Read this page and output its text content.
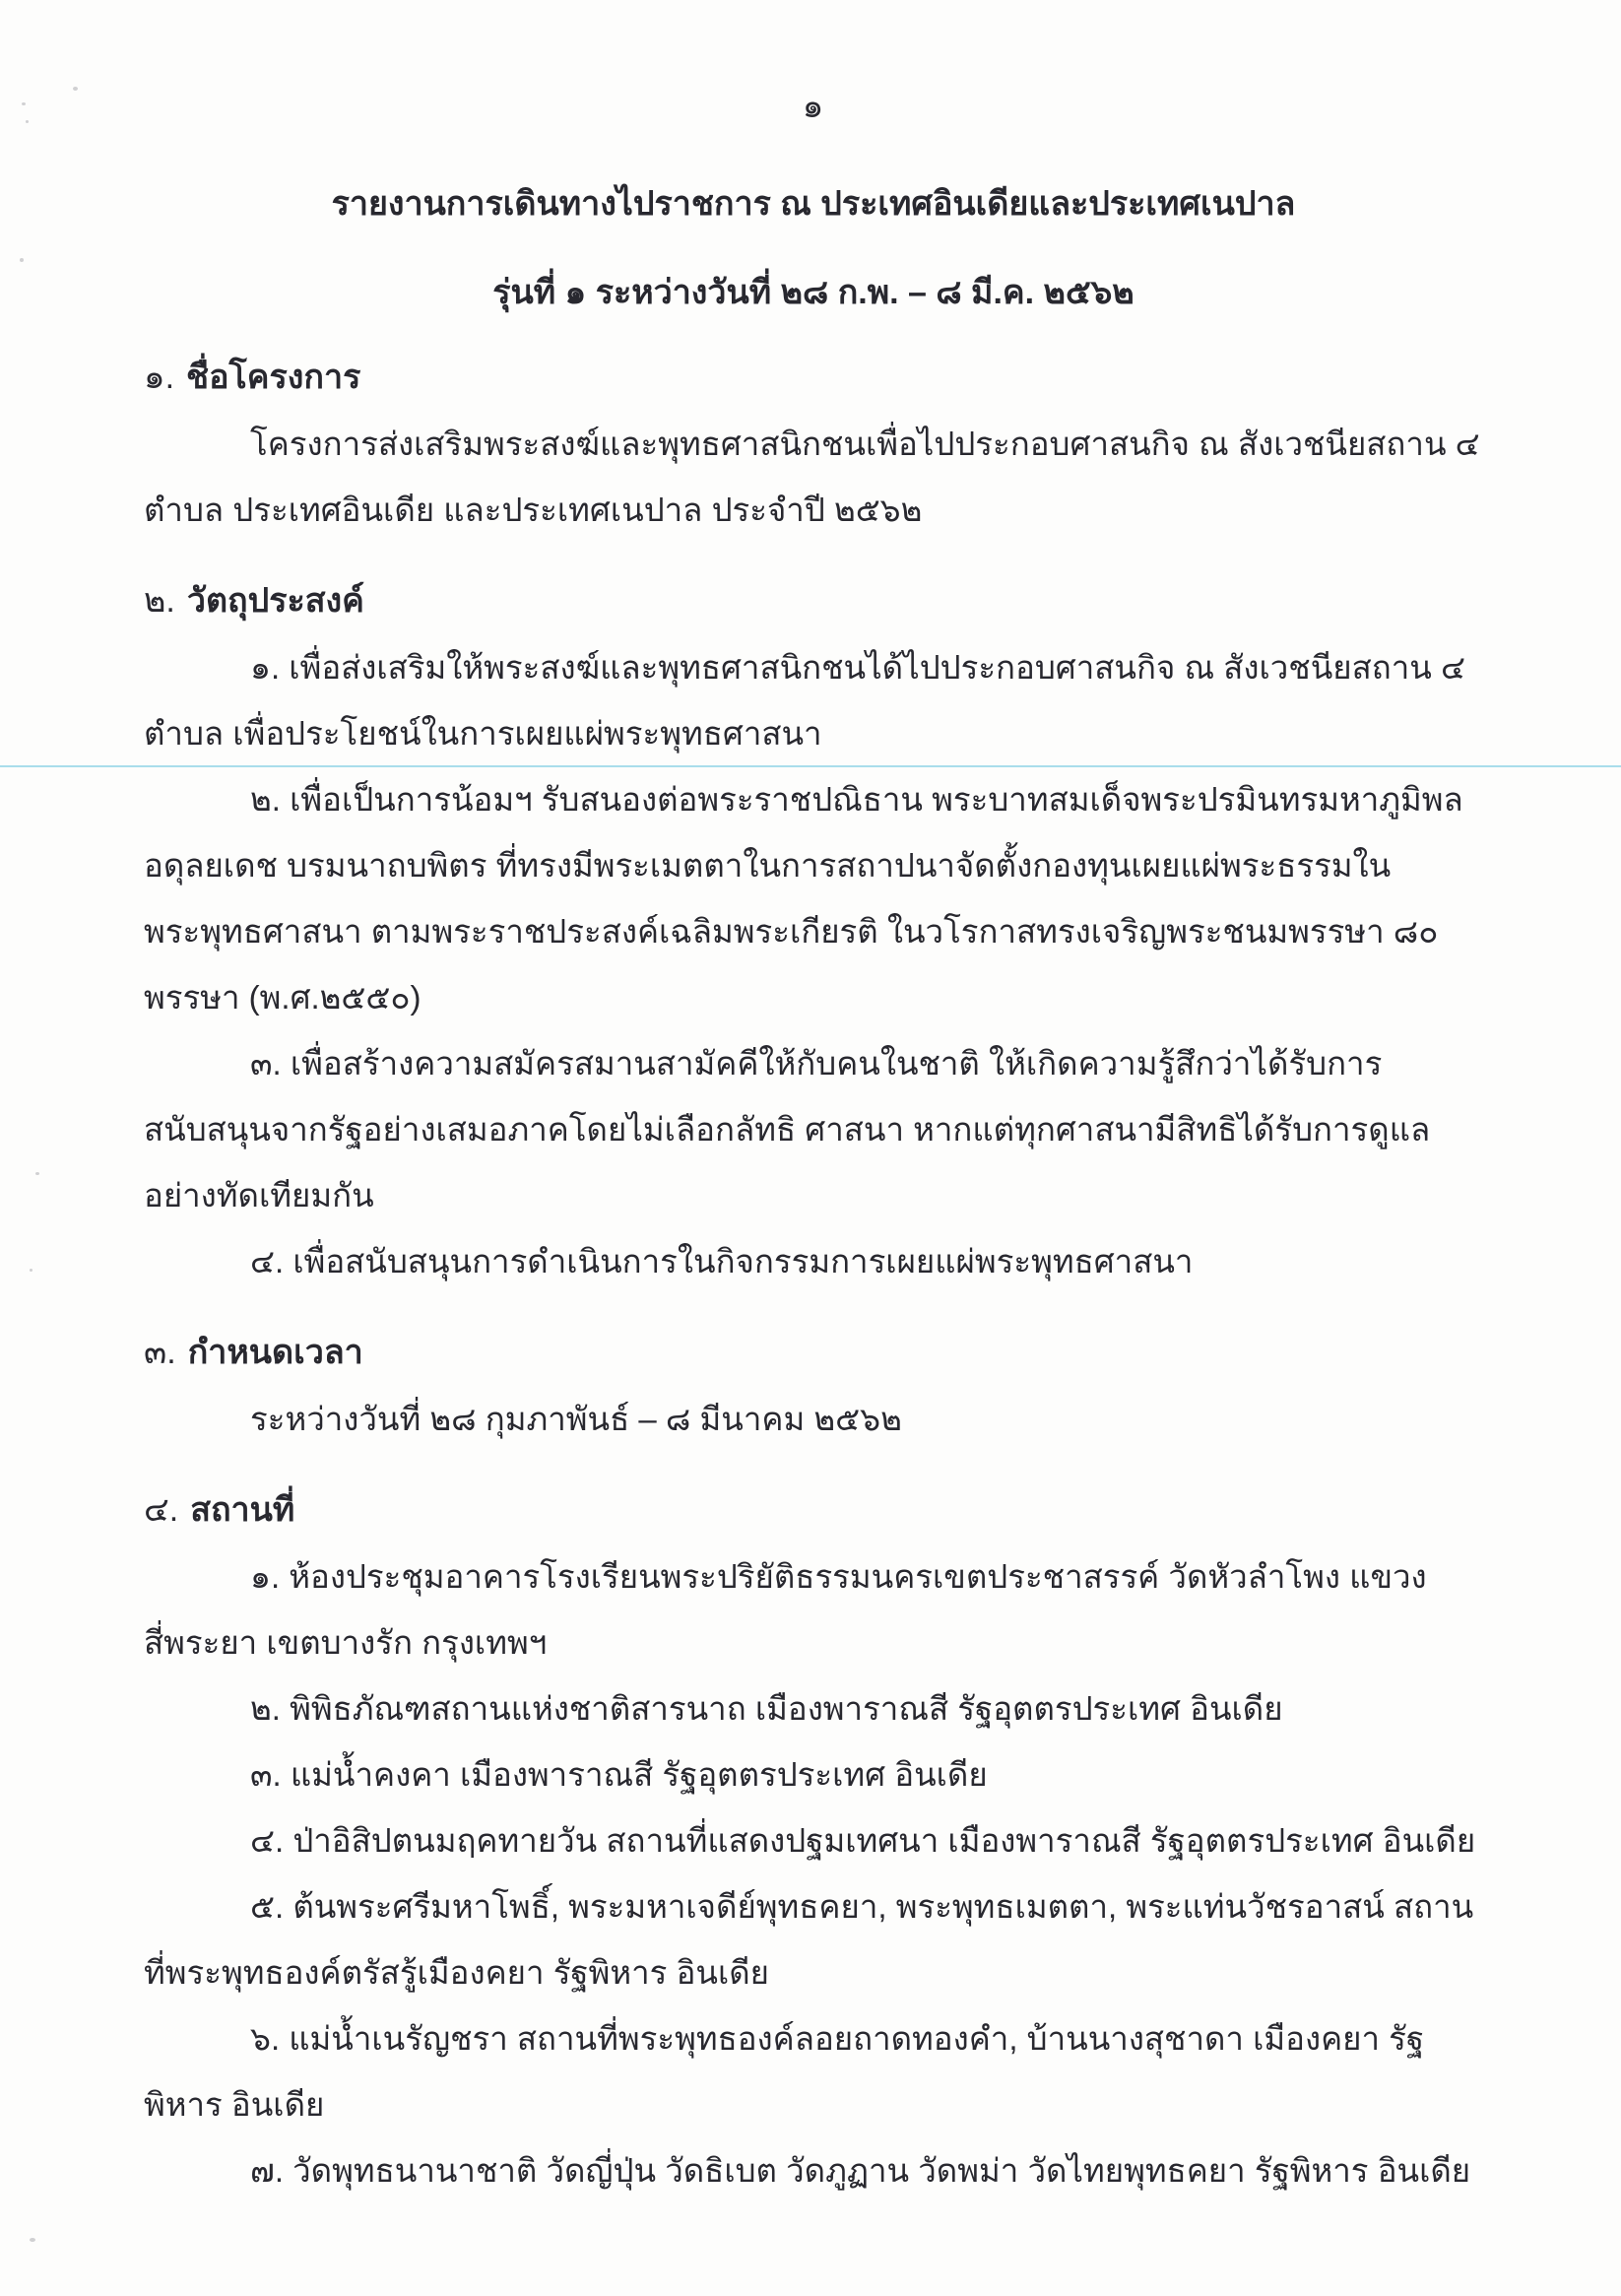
๑
รายงานการเดินทางไปราชการ ณ ประเทศอินเดียและประเทศเนปาล
รุ่นที่ ๑ ระหว่างวันที่ ๒๘ ก.พ. – ๘ มี.ค. ๒๕๖๒
๑. ชื่อโครงการ

โครงการส่งเสริมพระสงฆ์และพุทธศาสนิกชนเพื่อไปประกอบศาสนกิจ ณ สังเวชนียสถาน ๔ ตำบล ประเทศอินเดีย และประเทศเนปาล ประจำปี ๒๕๖๒

๒. วัตถุประสงค์

๑. เพื่อส่งเสริมให้พระสงฆ์และพุทธศาสนิกชนได้ไปประกอบศาสนกิจ ณ สังเวชนียสถาน ๔ ตำบล เพื่อประโยชน์ในการเผยแผ่พระพุทธศาสนา

๒. เพื่อเป็นการน้อมฯ รับสนองต่อพระราชปณิธาน พระบาทสมเด็จพระปรมินทรมหาภูมิพลอดุลยเดช บรมนาถบพิตร ที่ทรงมีพระเมตตาในการสถาปนาจัดตั้งกองทุนเผยแผ่พระธรรมในพระพุทธศาสนา ตามพระราชประสงค์เฉลิมพระเกียรติ ในวโรกาสทรงเจริญพระชนมพรรษา ๘๐ พรรษา (พ.ศ.๒๕๕๐)

๓. เพื่อสร้างความสมัครสมานสามัคคีให้กับคนในชาติ ให้เกิดความรู้สึกว่าได้รับการสนับสนุนจากรัฐอย่างเสมอภาคโดยไม่เลือกลัทธิ ศาสนา หากแต่ทุกศาสนามีสิทธิได้รับการดูแลอย่างทัดเทียมกัน

๔. เพื่อสนับสนุนการดำเนินการในกิจกรรมการเผยแผ่พระพุทธศาสนา

๓. กำหนดเวลา

ระหว่างวันที่ ๒๘ กุมภาพันธ์ – ๘ มีนาคม ๒๕๖๒

๔. สถานที่

๑. ห้องประชุมอาคารโรงเรียนพระปริยัติธรรมนครเขตประชาสรรค์ วัดหัวลำโพง แขวงสี่พระยา เขตบางรัก กรุงเทพฯ

๒. พิพิธภัณฑสถานแห่งชาติสารนาถ เมืองพาราณสี รัฐอุตตรประเทศ อินเดีย

๓. แม่น้ำคงคา เมืองพาราณสี รัฐอุตตรประเทศ อินเดีย

๔. ป่าอิสิปตนมฤคทายวัน สถานที่แสดงปฐมเทศนา เมืองพาราณสี รัฐอุตตรประเทศ อินเดีย

๕. ต้นพระศรีมหาโพธิ์, พระมหาเจดีย์พุทธคยา, พระพุทธเมตตา, พระแท่นวัชรอาสน์ สถานที่พระพุทธองค์ตรัสรู้เมืองคยา รัฐพิหาร อินเดีย

๖. แม่น้ำเนรัญชรา สถานที่พระพุทธองค์ลอยถาดทองคำ, บ้านนางสุชาดา เมืองคยา รัฐพิหาร อินเดีย

๗. วัดพุทธนานาชาติ วัดญี่ปุ่น วัดธิเบต วัดภูฏาน วัดพม่า วัดไทยพุทธคยา รัฐพิหาร อินเดีย
